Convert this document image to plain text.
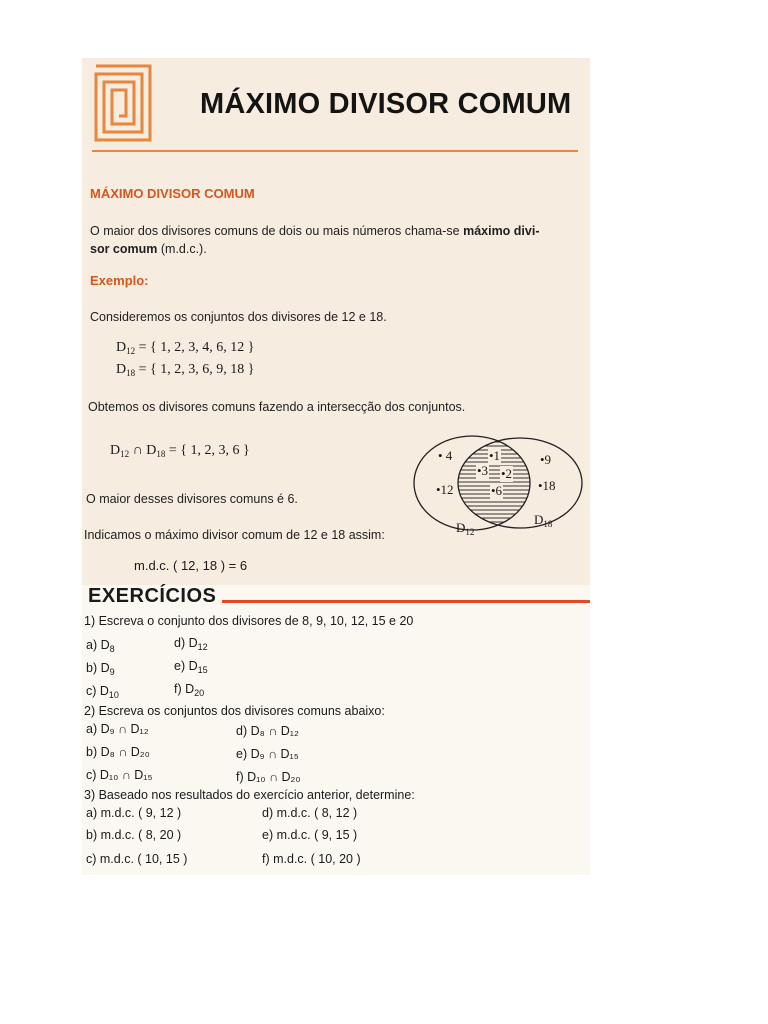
MÁXIMO DIVISOR COMUM
MÁXIMO DIVISOR COMUM
O maior dos divisores comuns de dois ou mais números chama-se máximo divi-
sor comum (m.d.c.).
Exemplo:
Consideremos os conjuntos dos divisores de 12 e 18.
$D_{12}$ = { 1, 2, 3, 4, 6, 12 }
$D_{18}$ = { 1, 2, 3, 6, 9, 18 }
Obtemos os divisores comuns fazendo a intersecção dos conjuntos.
$D_{12}$ ∩ $D_{18}$ = { 1, 2, 3, 6 }	• 4
•12
•1
•3 •2
•6
•9
•18
$D_{12}$
$D_{18}$
O maior desses divisores comuns é 6.
Indicamos o máximo divisor comum de 12 e 18 assim:
m.d.c. ( 12, 18 ) = 6
EXERCÍCIOS
1) Escreva o conjunto dos divisores de 8, 9, 10, 12, 15 e 20
a) $D_8$
b) $D_9$
c) $D_{10}$
d) $D_{12}$
e) $D_{15}$
f) $D_{20}$
2) Escreva os conjuntos dos divisores comuns abaixo:
a) D₉ ∩ D₁₂
b) D₈ ∩ D₂₀
c) D₁₀ ∩ D₁₅
d) D₈ ∩ D₁₂
e) D₉ ∩ D₁₅
f) D₁₀ ∩ D₂₀
3) Baseado nos resultados do exercício anterior, determine:
a) m.d.c. ( 9, 12 )
b) m.d.c. ( 8, 20 )
c) m.d.c. ( 10, 15 )
d) m.d.c. ( 8, 12 )
e) m.d.c. ( 9, 15 )
f) m.d.c. ( 10, 20 )
